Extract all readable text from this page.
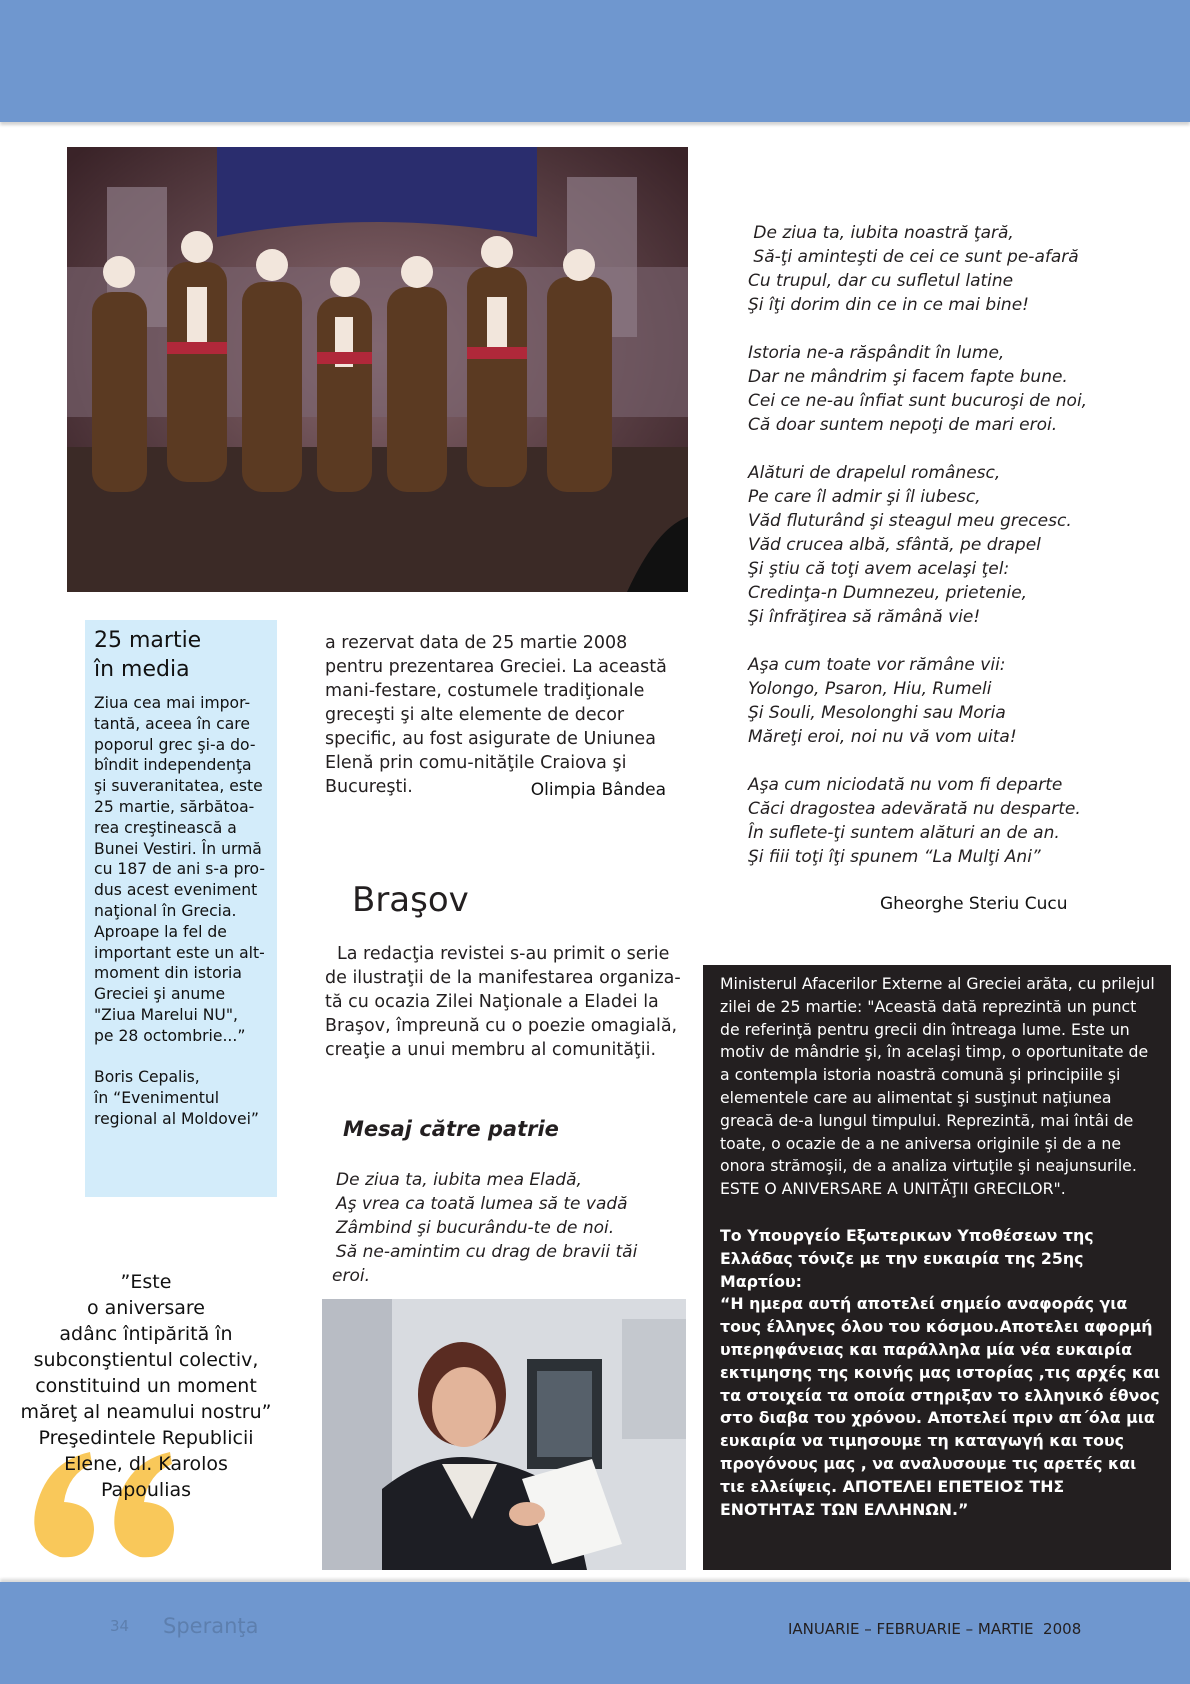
25 martie
în media
Ziua cea mai impor-
tantă, aceea în care
poporul grec şi-a do-
bîndit independenţa
şi suveranitatea, este
25 martie, sărbătoa-
rea creştinească a
Bunei Vestiri. În urmă
cu 187 de ani s-a pro-
dus acest eveniment
naţional în Grecia.
Aproape la fel de
important este un alt-
moment din istoria
Greciei şi anume
"Ziua Marelui NU",
pe 28 octombrie...”

Boris Cepalis,
în “Evenimentul
regional al Moldovei”
a rezervat data de 25 martie 2008 pentru prezentarea Greciei. La această mani-festare, costumele tradiţionale greceşti şi alte elemente de decor specific, au fost asigurate de Uniunea Elenă prin comu-nităţile Craiova şi Bucureşti.	Olimpia Bândea
Braşov
La redacţia revistei s-au primit o serie de ilustraţii de la manifestarea organiza-tă cu ocazia Zilei Naţionale a Eladei la Braşov, împreună cu o poezie omagială, creaţie a unui membru al comunităţii.
Mesaj către patrie
De ziua ta, iubita mea Eladă,
Aş vrea ca toată lumea să te vadă
Zâmbind şi bucurându-te de noi.
Să ne-amintim cu drag de bravii tăi
eroi.
De ziua ta, iubita noastră ţară,
Să-ţi aminteşti de cei ce sunt pe-afară
Cu trupul, dar cu sufletul latine
Şi îţi dorim din ce in ce mai bine!
Istoria ne-a răspândit în lume,
Dar ne mândrim şi facem fapte bune.
Cei ce ne-au înfiat sunt bucuroşi de noi,
Că doar suntem nepoţi de mari eroi.
Alături de drapelul românesc,
Pe care îl admir şi îl iubesc,
Văd fluturând şi steagul meu grecesc.
Văd crucea albă, sfântă, pe drapel
Şi ştiu că toţi avem acelaşi ţel:
Credinţa-n Dumnezeu, prietenie,
Şi înfrăţirea să rămână vie!
Aşa cum toate vor rămâne vii:
Yolongo, Psaron, Hiu, Rumeli
Şi Souli, Mesolonghi sau Moria
Măreţi eroi, noi nu vă vom uita!
Aşa cum niciodată nu vom fi departe
Căci dragostea adevărată nu desparte.
În suflete-ţi suntem alături an de an.
Şi fiii toţi îţi spunem “La Mulţi Ani”
Gheorghe Steriu Cucu
Ministerul Afacerilor Externe al Greciei arăta, cu prilejul
zilei de 25 martie: "Această dată reprezintă un punct
de referinţă pentru grecii din întreaga lume. Este un
motiv de mândrie şi, în acelaşi timp, o oportunitate de
a contempla istoria noastră comună şi principiile şi
elementele care au alimentat şi susţinut naţiunea
greacă de-a lungul timpului. Reprezintă, mai întâi de
toate, o ocazie de a ne aniversa originile şi de a ne
onora strămoşii, de a analiza virtuţile şi neajunsurile.
ESTE O ANIVERSARE A UNITĂŢII GRECILOR".
Το Υπουργείο Εξωτερικων Υποθέσεων της
Ελλάδας τόνιζε με την ευκαιρία της 25ης
Μαρτίου:
“Η ημερα αυτή αποτελεί σημείο αναφοράς για
τους έλληνες όλου του κόσμου.Αποτελει αφορμή
υπερηφάνειας και παράλληλα μία νέα ευκαιρία
εκτιμησης της κοινής μας ιστορίας ,τις αρχές και
τα στοιχεία τα οποία στηριξαν το ελληνικό έθνος
στο διαβα του χρόνου. Αποτελεί πριν απ΄όλα μια
ευκαιρία να τιμησουμε τη καταγωγή και τους
προγόνους μας , να αναλυσουμε τις αρετές και
τιε ελλείψεις. ΑΠΟΤΕΛΕΙ ΕΠΕΤΕΙΟΣ ΤΗΣ
ΕΝΟΤΗΤΑΣ ΤΩΝ ΕΛΛΗΝΩΝ.”
”Este
o aniversare
adânc întipărită în
subconştientul colectiv,
constituind un moment
măreţ al neamului nostru”
Preşedintele Republicii
Elene, dl. Karolos
Papoulias
34 Speranţa	IANUARIE – FEBRUARIE – MARTIE  2008
